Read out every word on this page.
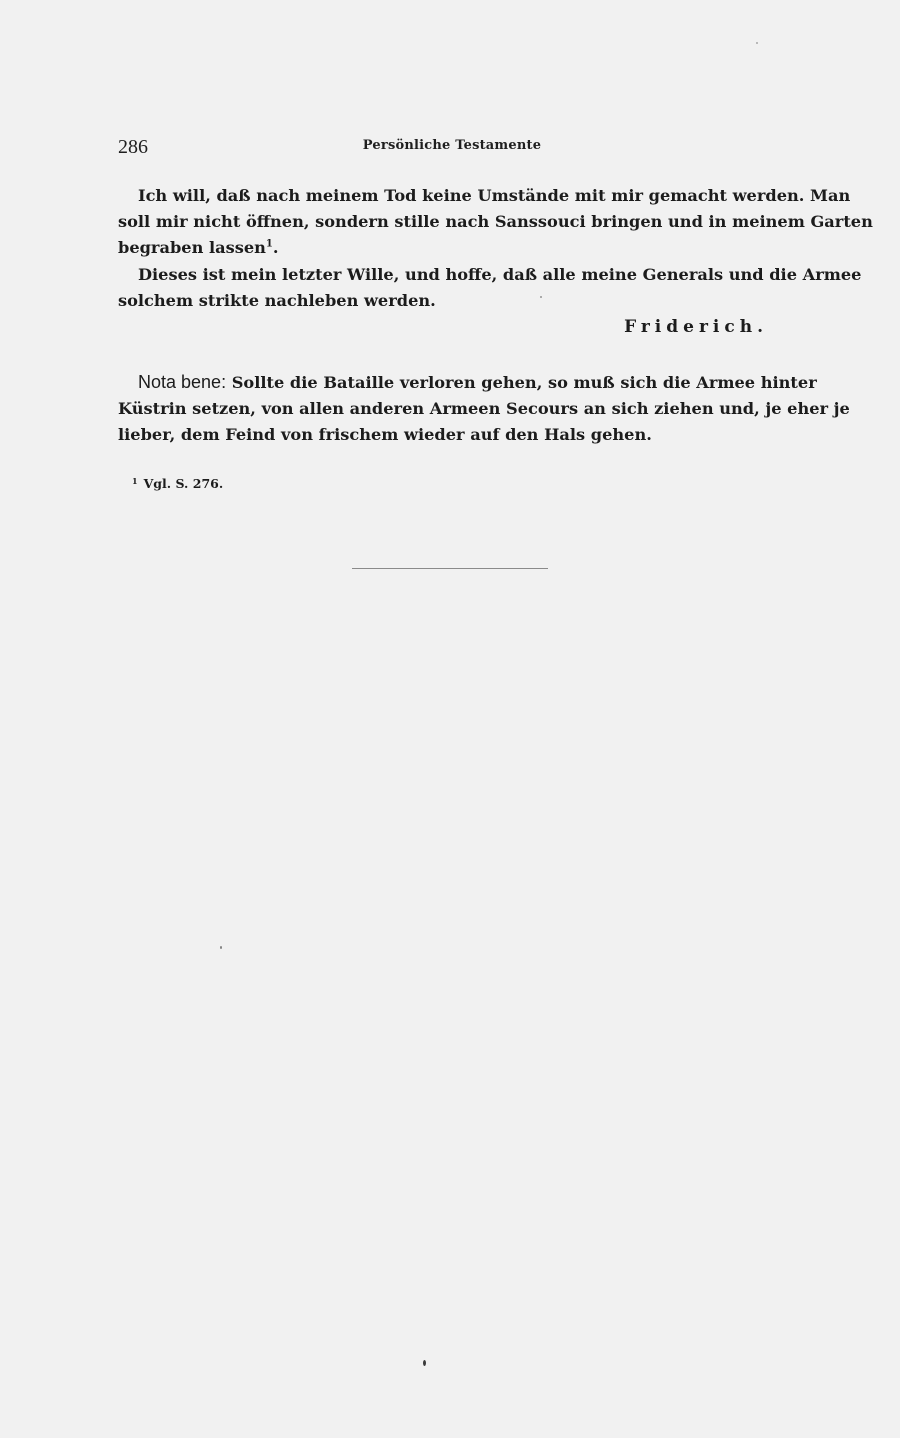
286	Persönliche Testamente

Ich will, daß nach meinem Tod keine Umstände mit mir gemacht werden. Man
soll mir nicht öffnen, sondern stille nach Sanssouci bringen und in meinem Garten
begraben lassen$^1$.

Dieses ist mein letzter Wille, und hoffe, daß alle meine Generals und die Armee
solchem strikte nachleben werden.

Friderich.

Nota bene: Sollte die Bataille verloren gehen, so muß sich die Armee hinter
Küstrin setzen, von allen anderen Armeen Secours an sich ziehen und, je eher je
lieber, dem Feind von frischem wieder auf den Hals gehen.

$^1$ Vgl. S. 276.
